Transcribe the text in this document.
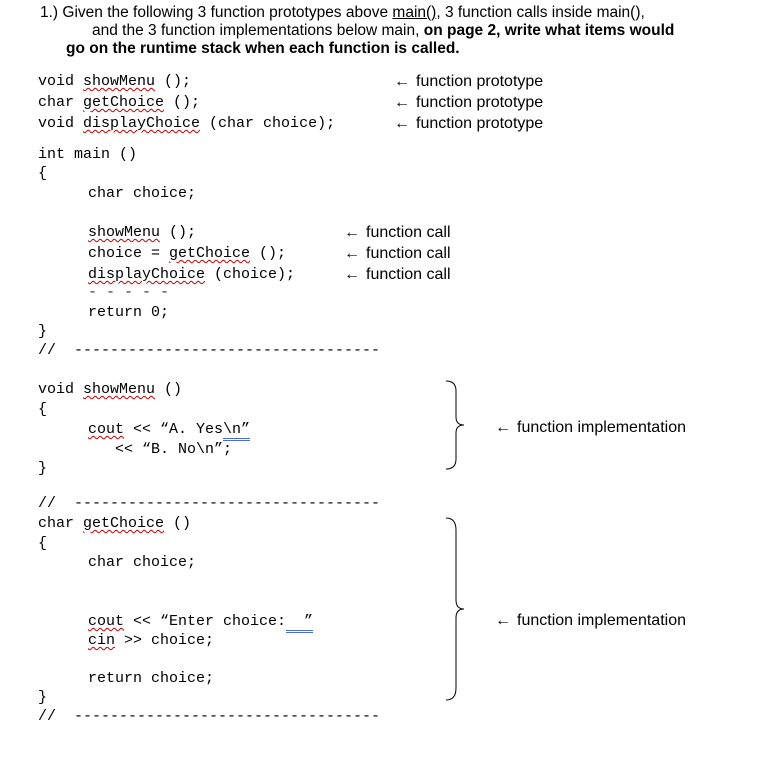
1.) Given the following 3 function prototypes above main(), 3 function calls inside main(),
and the 3 function implementations below main, on page 2, write what items would
go on the runtime stack when each function is called.
void showMenu ();
char getChoice ();
void displayChoice (char choice);
← function prototype
← function prototype
← function prototype
int main ()
{
char choice;
showMenu ();
choice = getChoice ();
displayChoice (choice);
- - - - -
← function call
← function call
← function call
return 0;
}
//  ----------------------------------
void showMenu ()
{
cout << “A. Yes\n”
<< “B. No\n”;
}
← function implementation
//  ----------------------------------
char getChoice ()
{
char choice;
cout << “Enter choice:  ”
cin >> choice;
return choice;
}
//  ----------------------------------
← function implementation
